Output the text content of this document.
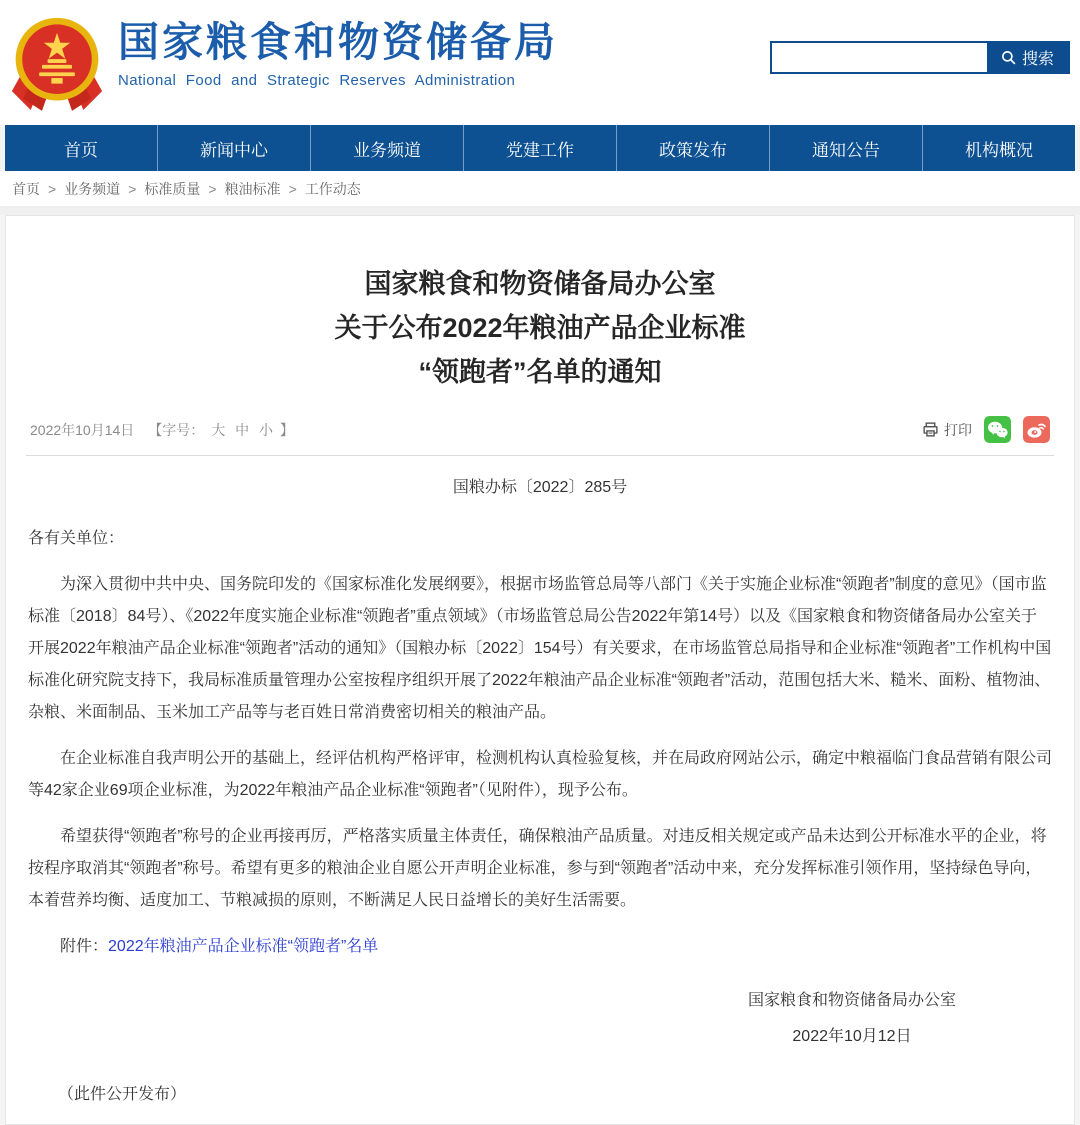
国家粮食和物资储备局
National Food and Strategic Reserves Administration
搜索
首页	新闻中心	业务频道	党建工作	政策发布	通知公告	机构概况
首页 > 业务频道 > 标准质量 > 粮油标准 > 工作动态
国家粮食和物资储备局办公室
关于公布2022年粮油产品企业标准
“领跑者”名单的通知
2022年10月14日 【字号： 大 中 小 】	打印
国粮办标〔2022〕285号

各有关单位：

为深入贯彻中共中央、国务院印发的《国家标准化发展纲要》，根据市场监管总局等八部门《关于实施企业标准“领跑者”制度的意见》（国市监标准〔2018〕84号）、《2022年度实施企业标准“领跑者”重点领域》（市场监管总局公告2022年第14号）以及《国家粮食和物资储备局办公室关于开展2022年粮油产品企业标准“领跑者”活动的通知》（国粮办标〔2022〕154号）有关要求，在市场监管总局指导和企业标准“领跑者”工作机构中国标准化研究院支持下，我局标准质量管理办公室按程序组织开展了2022年粮油产品企业标准“领跑者”活动，范围包括大米、糙米、面粉、植物油、杂粮、米面制品、玉米加工产品等与老百姓日常消费密切相关的粮油产品。

在企业标准自我声明公开的基础上，经评估机构严格评审，检测机构认真检验复核，并在局政府网站公示，确定中粮福临门食品营销有限公司等42家企业69项企业标准，为2022年粮油产品企业标准“领跑者”（见附件），现予公布。

希望获得“领跑者”称号的企业再接再厉，严格落实质量主体责任，确保粮油产品质量。对违反相关规定或产品未达到公开标准水平的企业，将按程序取消其“领跑者”称号。希望有更多的粮油企业自愿公开声明企业标准，参与到“领跑者”活动中来，充分发挥标准引领作用，坚持绿色导向，本着营养均衡、适度加工、节粮减损的原则，不断满足人民日益增长的美好生活需要。

附件：2022年粮油产品企业标准“领跑者”名单

国家粮食和物资储备局办公室
2022年10月12日
（此件公开发布）
